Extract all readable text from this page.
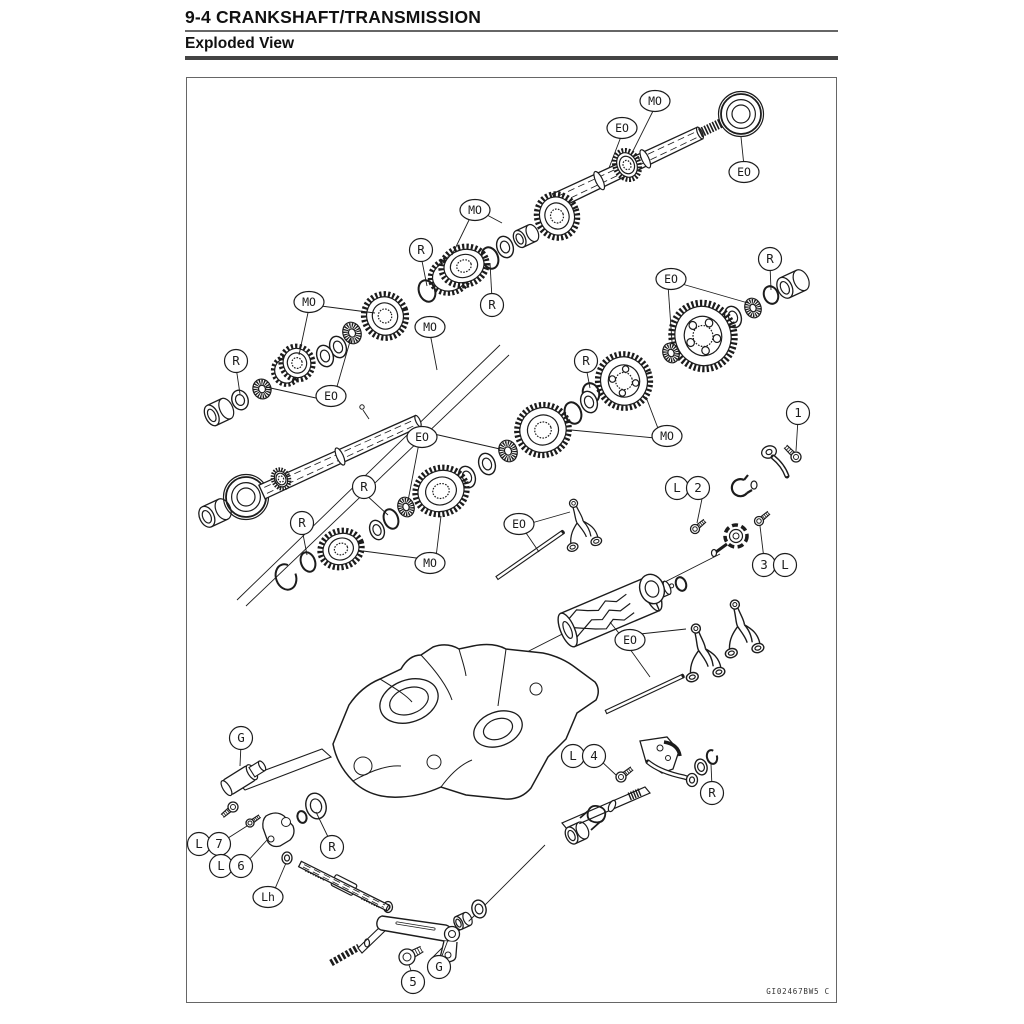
9-4 CRANKSHAFT/TRANSMISSION
Exploded View
MO
EO
EO
MO
R
R
MO
R
EO
MO
EO
R
R
MO
EO
1
R	L 2
R	EO
MO	3 L
EO
G
L 4
R
L 7	R
L 6
Lh
G
5
GI02467BW5 C
